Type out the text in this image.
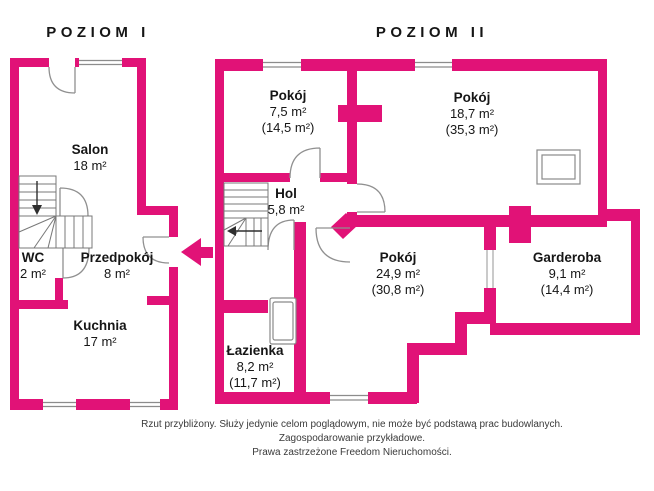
POZIOM I	POZIOM II
Salon
18 m²
WC
2 m²
Przedpokój
8 m²
Kuchnia
17 m²
Pokój
7,5 m²
(14,5 m²)
Pokój
18,7 m²
(35,3 m²)
Hol
5,8 m²
Pokój
24,9 m²
(30,8 m²)
Garderoba
9,1 m²
(14,4 m²)
Łazienka
8,2 m²
(11,7 m²)
Rzut przybliżony. Służy jedynie celom poglądowym, nie może być podstawą prac budowlanych.
Zagospodarowanie przykładowe.
Prawa zastrzeżone Freedom Nieruchomości.
